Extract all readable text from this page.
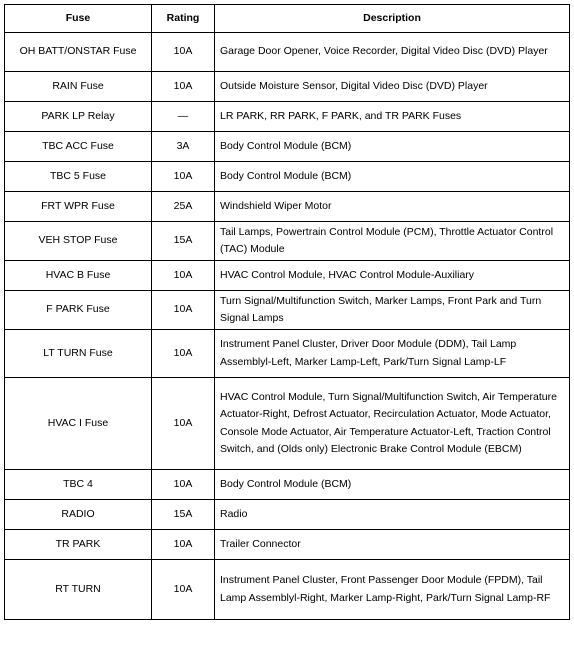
Fuse	Rating	Description
OH BATT/ONSTAR Fuse	10A	Garage Door Opener, Voice Recorder, Digital Video Disc (DVD) Player
RAIN Fuse	10A	Outside Moisture Sensor, Digital Video Disc (DVD) Player
PARK LP Relay	—	LR PARK, RR PARK, F PARK, and TR PARK Fuses
TBC ACC Fuse	3A	Body Control Module (BCM)
TBC 5 Fuse	10A	Body Control Module (BCM)
FRT WPR Fuse	25A	Windshield Wiper Motor
VEH STOP Fuse	15A	Tail Lamps, Powertrain Control Module (PCM), Throttle Actuator Control (TAC) Module
HVAC B Fuse	10A	HVAC Control Module, HVAC Control Module-Auxiliary
F PARK Fuse	10A	Turn Signal/Multifunction Switch, Marker Lamps, Front Park and Turn Signal Lamps
LT TURN Fuse	10A	Instrument Panel Cluster, Driver Door Module (DDM), Tail Lamp Assemblyl-Left, Marker Lamp-Left, Park/Turn Signal Lamp-LF
HVAC I Fuse	10A	HVAC Control Module, Turn Signal/Multifunction Switch, Air Temperature Actuator-Right, Defrost Actuator, Recirculation Actuator, Mode Actuator, Console Mode Actuator, Air Temperature Actuator-Left, Traction Control Switch, and (Olds only) Electronic Brake Control Module (EBCM)
TBC 4	10A	Body Control Module (BCM)
RADIO	15A	Radio
TR PARK	10A	Trailer Connector
RT TURN	10A	Instrument Panel Cluster, Front Passenger Door Module (FPDM), Tail Lamp Assemblyl-Right, Marker Lamp-Right, Park/Turn Signal Lamp-RF
